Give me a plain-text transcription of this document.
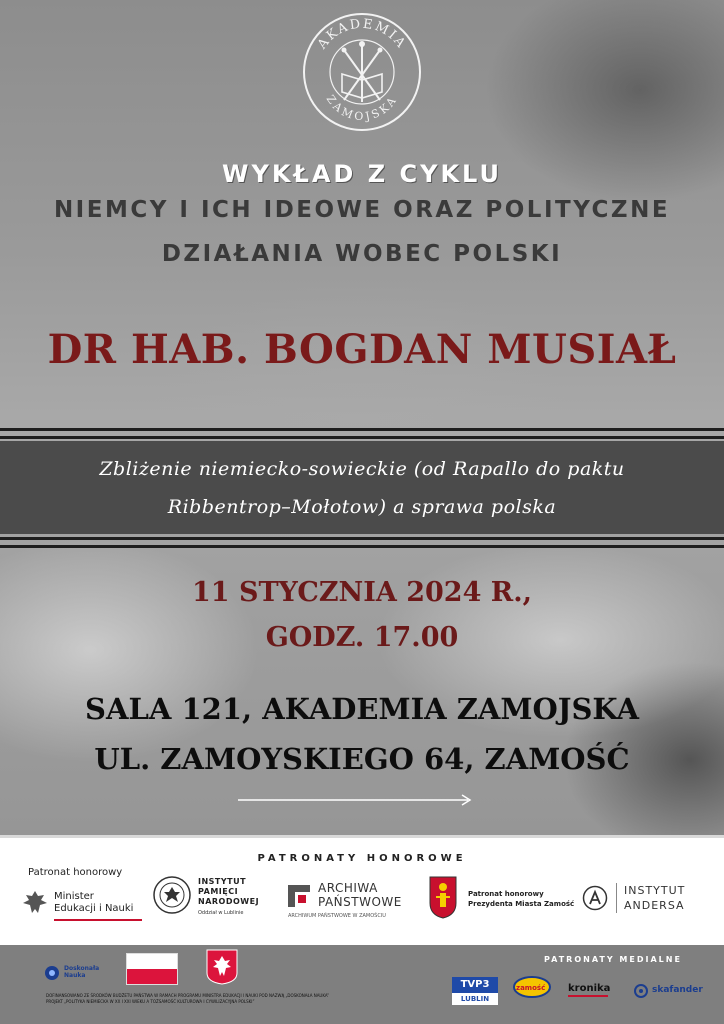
AKADEMIA
ZAMOJSKA
WYKŁAD Z CYKLU
NIEMCY I ICH IDEOWE ORAZ POLITYCZNE
DZIAŁANIA WOBEC POLSKI
DR HAB. BOGDAN MUSIAŁ
Zbliżenie niemiecko-sowieckie (od Rapallo do paktu
Ribbentrop–Mołotow) a sprawa polska
11 STYCZNIA 2024 R.,
GODZ. 17.00
SALA 121, AKADEMIA ZAMOJSKA
UL. ZAMOYSKIEGO 64, ZAMOŚĆ
PATRONATY HONOROWE
Patronat honorowy
Minister
Edukacji i Nauki
INSTYTUT
PAMIĘCI
NARODOWEJ
Oddział w Lublinie
ARCHIWA
PAŃSTWOWE
ARCHIWUM PAŃSTWOWE W ZAMOŚCIU
Patronat honorowy
Prezydenta Miasta Zamość
INSTYTUT
ANDERSA
Doskonała
Nauka
DOFINANSOWANO ZE ŚRODKÓW BUDŻETU PAŃSTWA W RAMACH PROGRAMU MINISTRA EDUKACJI I NAUKI POD NAZWĄ „DOSKONAŁA NAUKA”
PROJEKT „POLITYKA NIEMIECKA W XX I XXI WIEKU A TOŻSAMOŚĆ KULTUROWA I CYWILIZACYJNA POLSKI”
PATRONATY MEDIALNE
TVP3
LUBLIN
zamość kronika	skafander
